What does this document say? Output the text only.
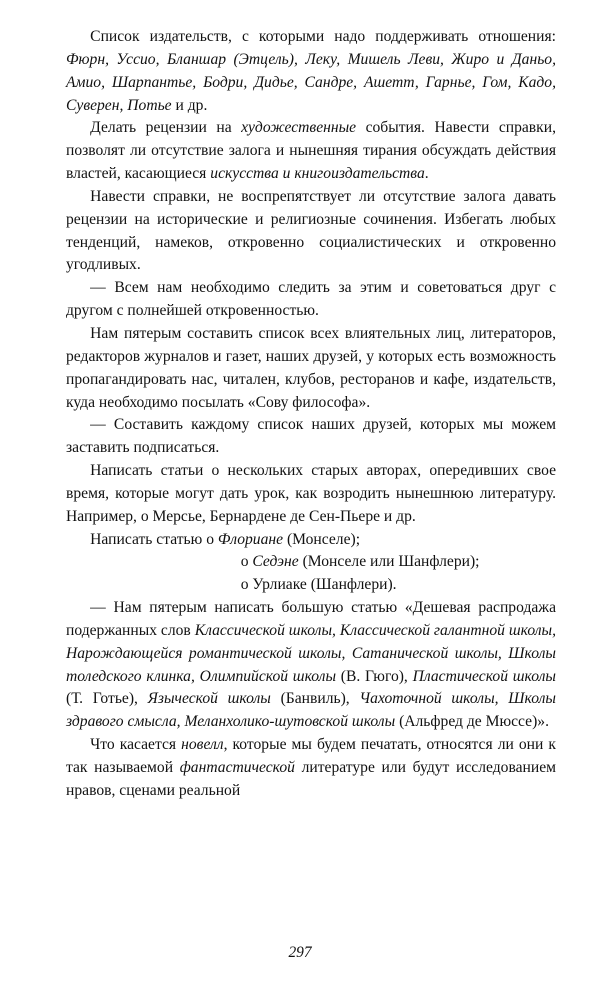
Список издательств, с которыми надо поддерживать отношения: Фюрн, Уссио, Бланшар (Этцель), Леку, Мишель Леви, Жиро и Даньо, Амио, Шарпантье, Бодри, Дидье, Сандре, Ашетт, Гарнье, Гом, Кадо, Суверен, Потье и др.

Делать рецензии на художественные события. Навести справки, позволят ли отсутствие залога и нынешняя тирания обсуждать действия властей, касающиеся искусства и книгоиздательства.

Навести справки, не воспрепятствует ли отсутствие залога давать рецензии на исторические и религиозные сочинения. Избегать любых тенденций, намеков, откровенно социалистических и откровенно угодливых.

— Всем нам необходимо следить за этим и советоваться друг с другом с полнейшей откровенностью.

Нам пятерым составить список всех влиятельных лиц, литераторов, редакторов журналов и газет, наших друзей, у которых есть возможность пропагандировать нас, читален, клубов, ресторанов и кафе, издательств, куда необходимо посылать «Сову философа».

— Составить каждому список наших друзей, которых мы можем заставить подписаться.

Написать статьи о нескольких старых авторах, опередивших свое время, которые могут дать урок, как возродить нынешнюю литературу. Например, о Мерсье, Бернардене де Сен-Пьере и др.

Написать статью о Флориане (Монселе);

о Седэне (Монселе или Шанфлери);

о Урлиаке (Шанфлери).

— Нам пятерым написать большую статью «Дешевая распродажа подержанных слов Классической школы, Классической галантной школы, Нарождающейся романтической школы, Сатанической школы, Школы толедского клинка, Олимпийской школы (В. Гюго), Пластической школы (Т. Готье), Языческой школы (Банвиль), Чахоточной школы, Школы здравого смысла, Меланхолико-шутовской школы (Альфред де Мюссе)».

Что касается новелл, которые мы будем печатать, относятся ли они к так называемой фантастической литературе или будут исследованием нравов, сценами реальной

297
